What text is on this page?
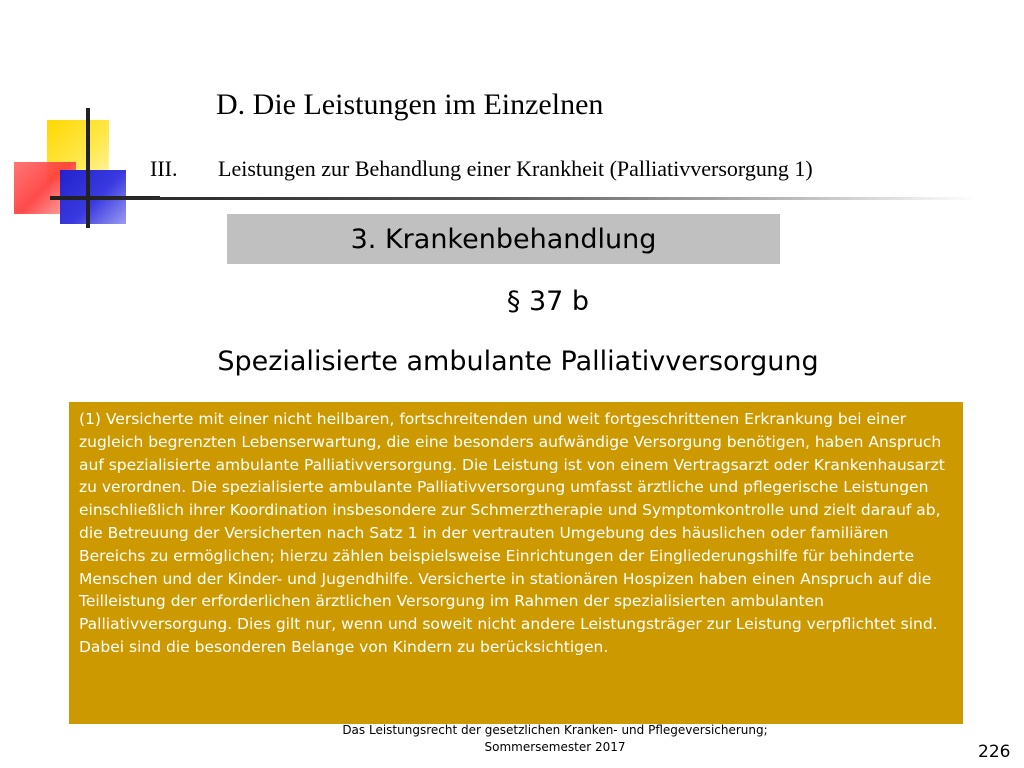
D. Die Leistungen im Einzelnen
III. Leistungen zur Behandlung einer Krankheit (Palliativversorgung 1)
3. Krankenbehandlung
§ 37 b
Spezialisierte ambulante Palliativversorgung

(1) Versicherte mit einer nicht heilbaren, fortschreitenden und weit fortgeschrittenen Erkrankung bei einer zugleich begrenzten Lebenserwartung, die eine besonders aufwändige Versorgung benötigen, haben Anspruch auf spezialisierte ambulante Palliativversorgung. Die Leistung ist von einem Vertragsarzt oder Krankenhausarzt zu verordnen. Die spezialisierte ambulante Palliativversorgung umfasst ärztliche und pflegerische Leistungen einschließlich ihrer Koordination insbesondere zur Schmerztherapie und Symptomkontrolle und zielt darauf ab, die Betreuung der Versicherten nach Satz 1 in der vertrauten Umgebung des häuslichen oder familiären Bereichs zu ermöglichen; hierzu zählen beispielsweise Einrichtungen der Eingliederungshilfe für behinderte Menschen und der Kinder- und Jugendhilfe. Versicherte in stationären Hospizen haben einen Anspruch auf die Teilleistung der erforderlichen ärztlichen Versorgung im Rahmen der spezialisierten ambulanten Palliativversorgung. Dies gilt nur, wenn und soweit nicht andere Leistungsträger zur Leistung verpflichtet sind. Dabei sind die besonderen Belange von Kindern zu berücksichtigen.

Das Leistungsrecht der gesetzlichen Kranken- und Pflegeversicherung;
Sommersemester 2017	226
